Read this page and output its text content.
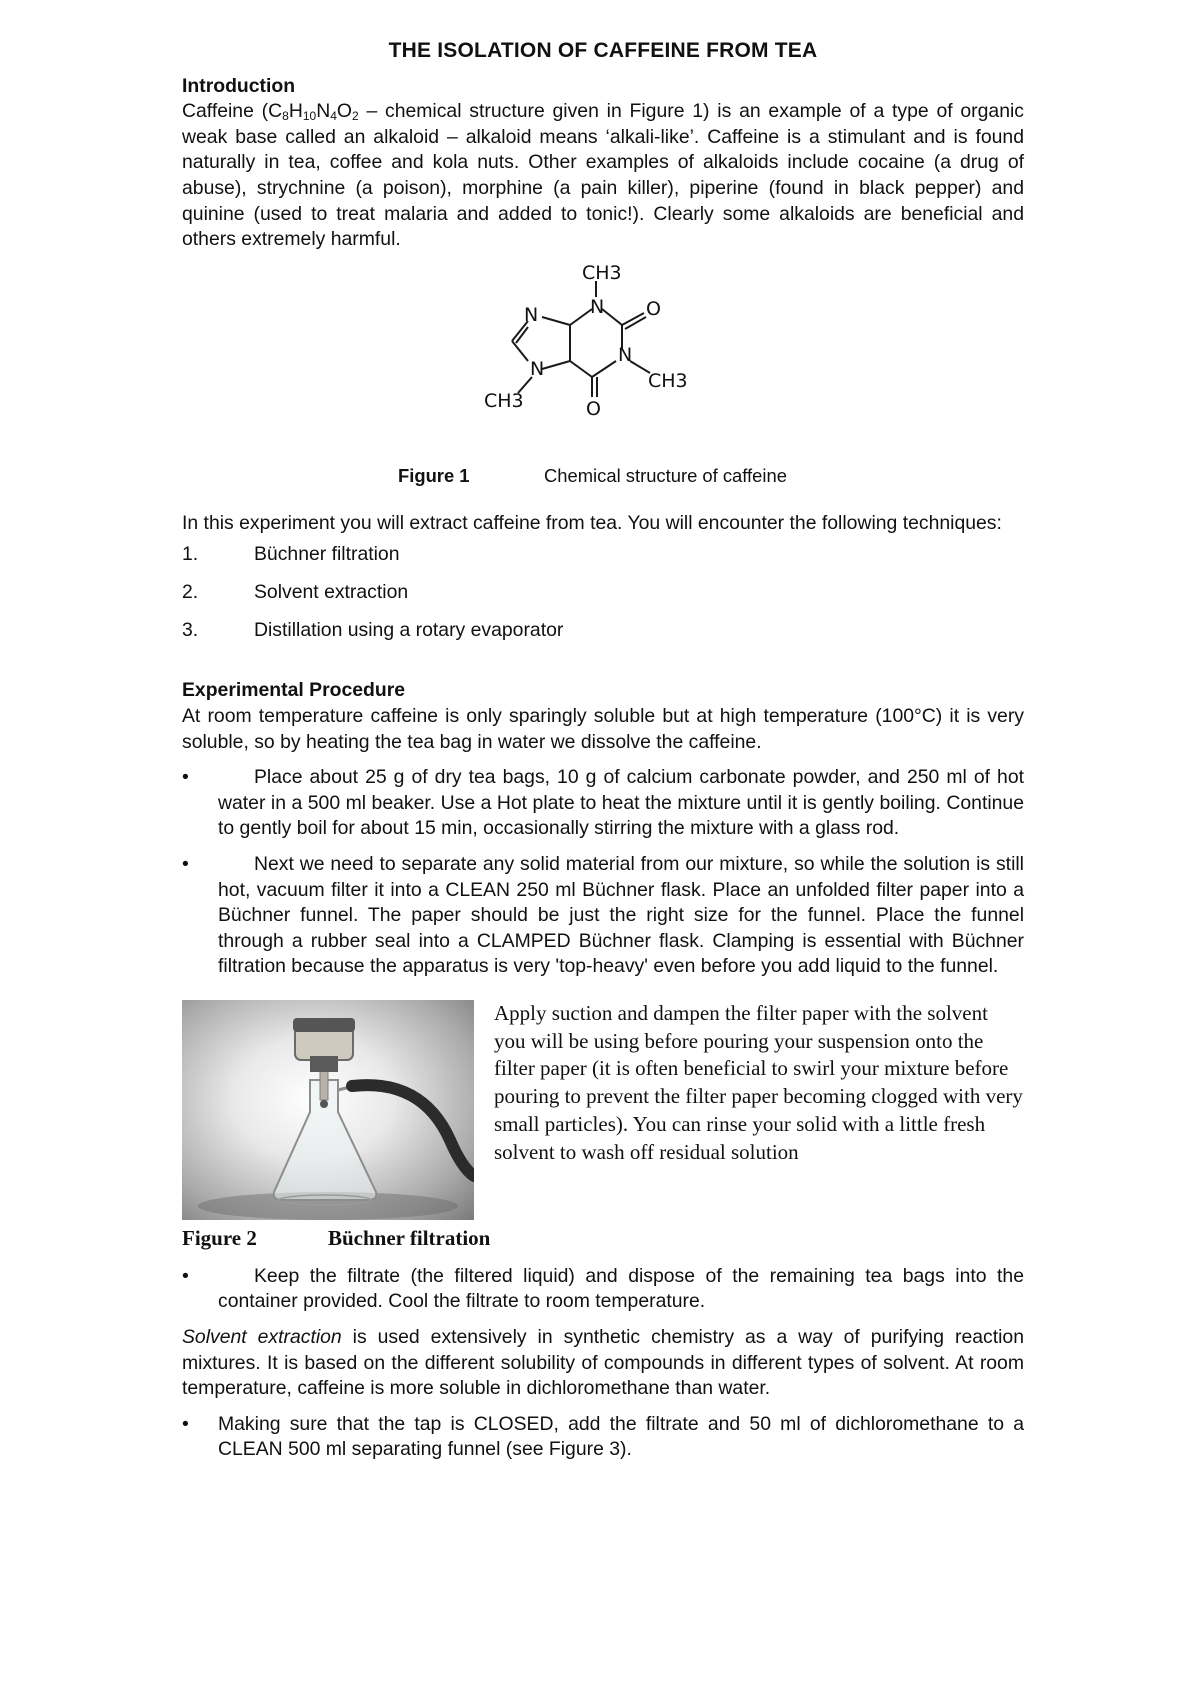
THE ISOLATION OF CAFFEINE FROM TEA

Introduction

Caffeine ($C_8H_{10}N_4O_2$ – chemical structure given in Figure 1) is an example of a type of organic weak base called an alkaloid – alkaloid means ‘alkali-like’. Caffeine is a stimulant and is found naturally in tea, coffee and kola nuts. Other examples of alkaloids include cocaine (a drug of abuse), strychnine (a poison), morphine (a pain killer), piperine (found in black pepper) and quinine (used to treat malaria and added to tonic!). Clearly some alkaloids are beneficial and others extremely harmful.

CH3
N
N	O
N
CH3
N
CH3	O
Figure 1	Chemical structure of caffeine

In this experiment you will extract caffeine from tea. You will encounter the following techniques:

1.	Büchner filtration
2.	Solvent extraction
3.	Distillation using a rotary evaporator

Experimental Procedure

At room temperature caffeine is only sparingly soluble but at high temperature (100°C) it is very soluble, so by heating the tea bag in water we dissolve the caffeine.

•	Place about 25 g of dry tea bags, 10 g of calcium carbonate powder, and 250 ml of hot water in a 500 ml beaker. Use a Hot plate to heat the mixture until it is gently boiling. Continue to gently boil for about 15 min, occasionally stirring the mixture with a glass rod.
•	Next we need to separate any solid material from our mixture, so while the solution is still hot, vacuum filter it into a CLEAN 250 ml Büchner flask. Place an unfolded filter paper into a Büchner funnel. The paper should be just the right size for the funnel. Place the funnel through a rubber seal into a CLAMPED Büchner flask. Clamping is essential with Büchner filtration because the apparatus is very 'top-heavy' even before you add liquid to the funnel.
Apply suction and dampen the filter paper with the solvent you will be using before pouring your suspension onto the filter paper (it is often beneficial to swirl your mixture before pouring to prevent the filter paper becoming clogged with very small particles). You can rinse your solid with a little fresh solvent to wash off residual solution
Figure 2	Büchner filtration
•	Keep the filtrate (the filtered liquid) and dispose of the remaining tea bags into the container provided. Cool the filtrate to room temperature.

Solvent extraction is used extensively in synthetic chemistry as a way of purifying reaction mixtures. It is based on the different solubility of compounds in different types of solvent. At room temperature, caffeine is more soluble in dichloromethane than water.

• Making sure that the tap is CLOSED, add the filtrate and 50 ml of dichloromethane to a CLEAN 500 ml separating funnel (see Figure 3).
